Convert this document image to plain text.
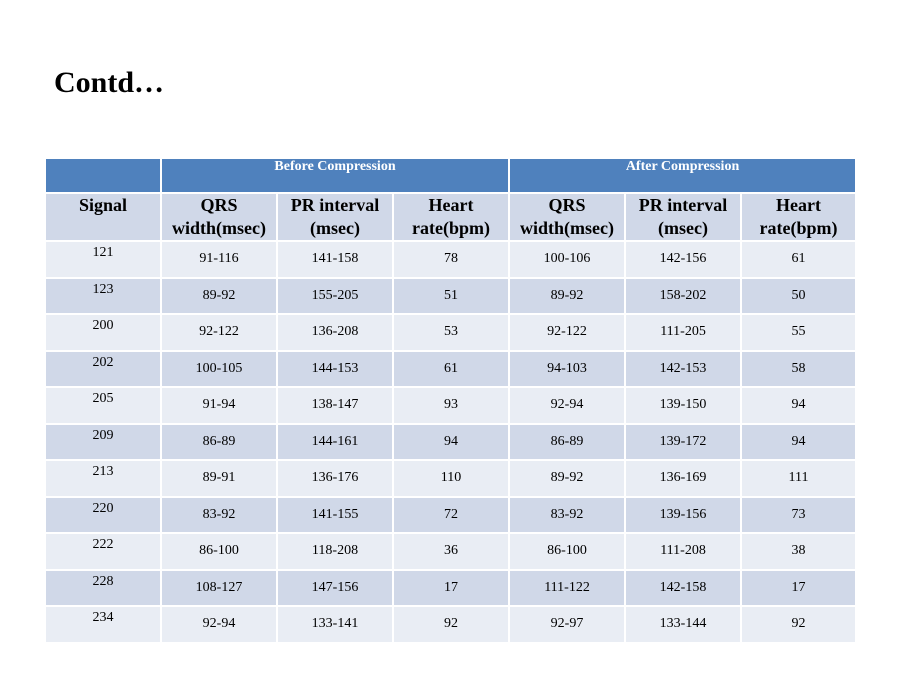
Contd…
	Before Compression			After Compression		
Signal	QRS width(msec)	PR interval (msec)	Heart rate(bpm)	QRS width(msec)	PR interval (msec)	Heart rate(bpm)
121	91-116	141-158	78	100-106	142-156	61
123	89-92	155-205	51	89-92	158-202	50
200	92-122	136-208	53	92-122	111-205	55
202	100-105	144-153	61	94-103	142-153	58
205	91-94	138-147	93	92-94	139-150	94
209	86-89	144-161	94	86-89	139-172	94
213	89-91	136-176	110	89-92	136-169	111
220	83-92	141-155	72	83-92	139-156	73
222	86-100	118-208	36	86-100	111-208	38
228	108-127	147-156	17	111-122	142-158	17
234	92-94	133-141	92	92-97	133-144	92
